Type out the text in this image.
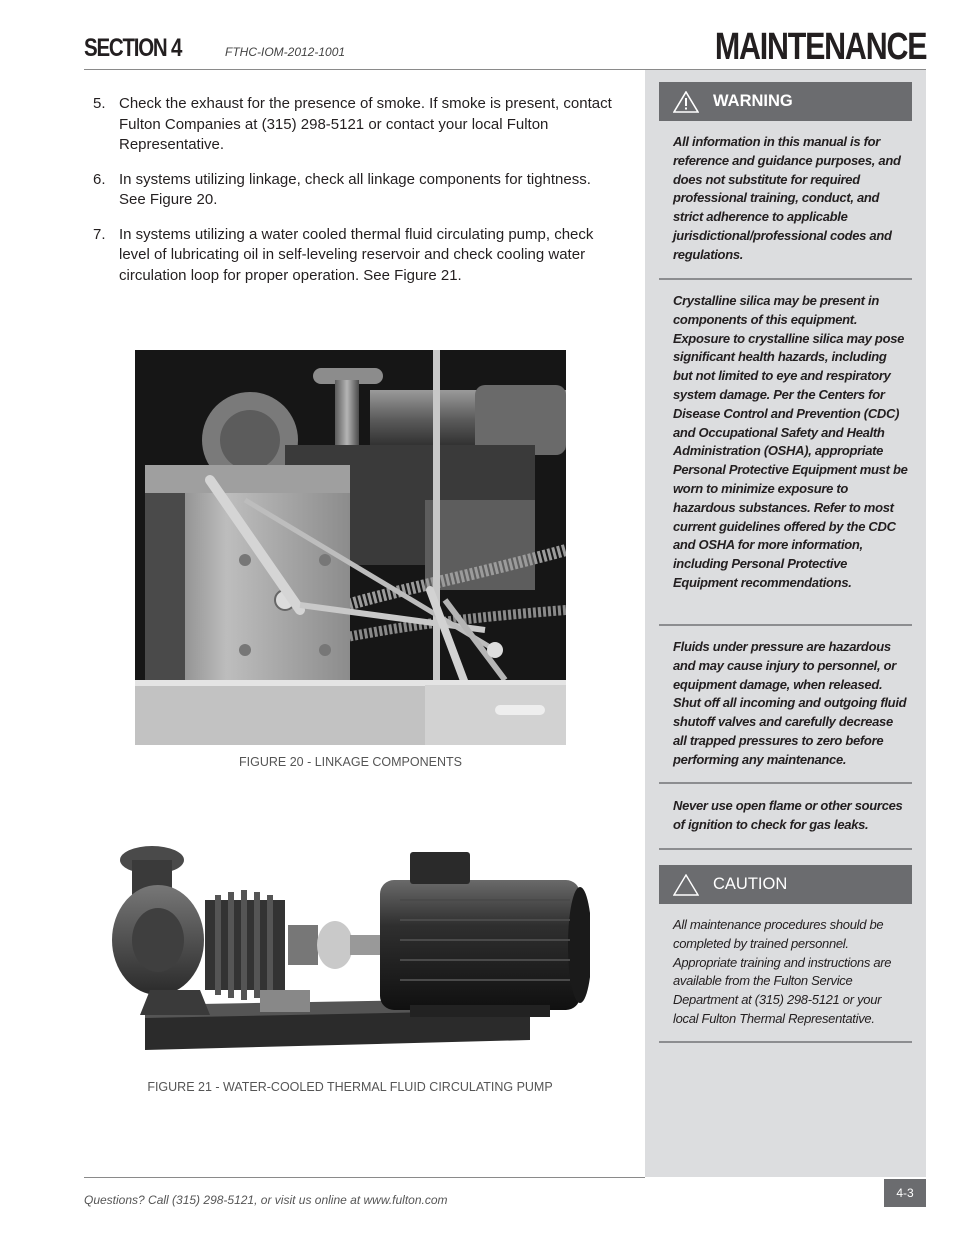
SECTION 4	FTHC-IOM-2012-1001	MAINTENANCE
5. Check the exhaust for the presence of smoke. If smoke is present, contact Fulton Companies at (315) 298-5121 or contact your local Fulton Representative.
6. In systems utilizing linkage, check all linkage components for tightness. See Figure 20.
7. In systems utilizing a water cooled thermal fluid circulating pump, check level of lubricating oil in self-leveling reservoir and check cooling water circulation loop for proper operation. See Figure 21.
FIGURE 20 - LINKAGE COMPONENTS
FIGURE 21 - WATER-COOLED THERMAL FLUID CIRCULATING PUMP
WARNING
All information in this manual is for reference and guidance purposes, and does not substitute for required professional training, conduct, and strict adherence to applicable jurisdictional/professional codes and regulations.
Crystalline silica may be present in components of this equipment. Exposure to crystalline silica may pose significant health hazards, including but not limited to eye and respiratory system damage. Per the Centers for Disease Control and Prevention (CDC) and Occupational Safety and Health Administration (OSHA), appropriate Personal Protective Equipment must be worn to minimize exposure to hazardous substances. Refer to most current guidelines offered by the CDC and OSHA for more information, including Personal Protective Equipment recommendations.
Fluids under pressure are hazardous and may cause injury to personnel, or equipment damage, when released. Shut off all incoming and outgoing fluid shutoff valves and carefully decrease all trapped pressures to zero before performing any maintenance.
Never use open flame or other sources of ignition to check for gas leaks.
CAUTION
All maintenance procedures should be completed by trained personnel. Appropriate training and instructions are available from the Fulton Service Department at (315) 298-5121 or your local Fulton Thermal Representative.
Questions? Call (315) 298-5121, or visit us online at www.fulton.com	4-3
